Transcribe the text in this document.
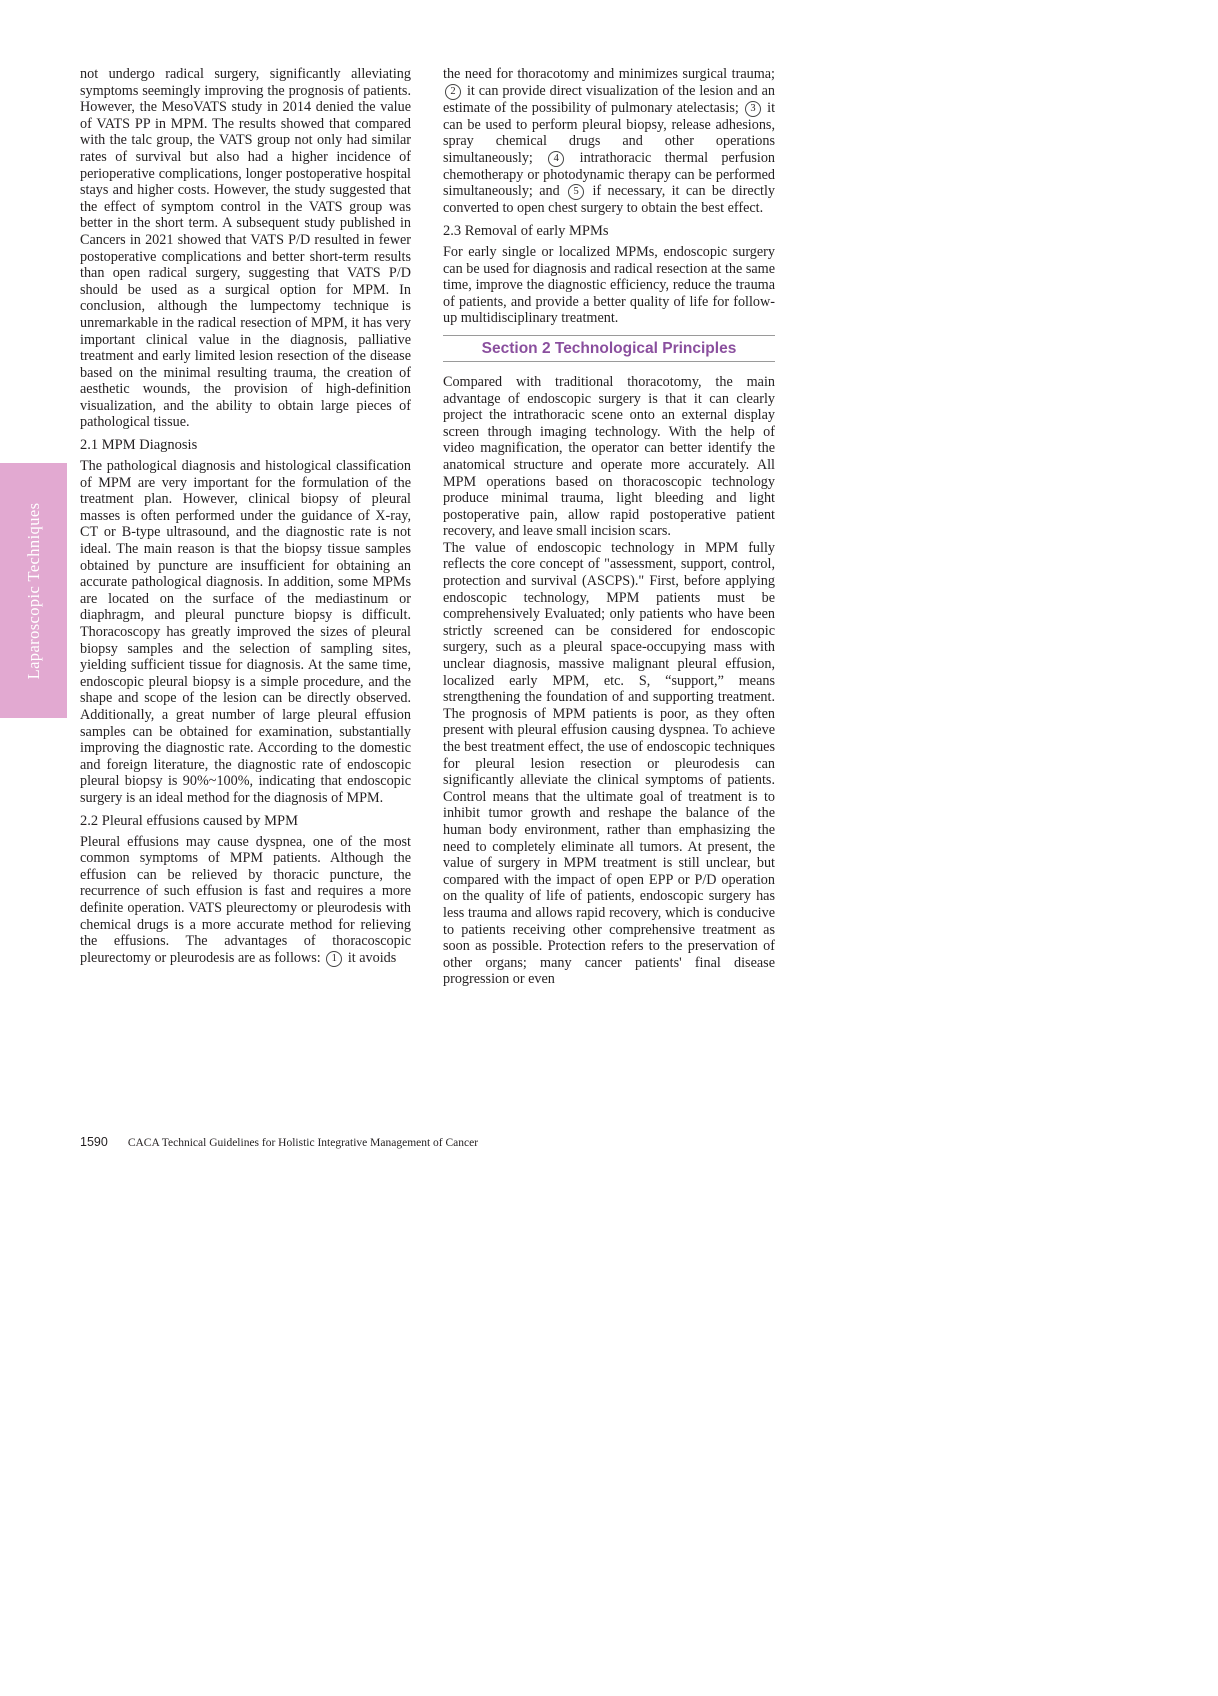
Laparoscopic Techniques

not undergo radical surgery, significantly alleviating symptoms seemingly improving the prognosis of patients. However, the MesoVATS study in 2014 denied the value of VATS PP in MPM. The results showed that compared with the talc group, the VATS group not only had similar rates of survival but also had a higher incidence of perioperative complications, longer postoperative hospital stays and higher costs. However, the study suggested that the effect of symptom control in the VATS group was better in the short term. A subsequent study published in Cancers in 2021 showed that VATS P/D resulted in fewer postoperative complications and better short-term results than open radical surgery, suggesting that VATS P/D should be used as a surgical option for MPM. In conclusion, although the lumpectomy technique is unremarkable in the radical resection of MPM, it has very important clinical value in the diagnosis, palliative treatment and early limited lesion resection of the disease based on the minimal resulting trauma, the creation of aesthetic wounds, the provision of high-definition visualization, and the ability to obtain large pieces of pathological tissue.

2.1 MPM Diagnosis

The pathological diagnosis and histological classification of MPM are very important for the formulation of the treatment plan. However, clinical biopsy of pleural masses is often performed under the guidance of X-ray, CT or B-type ultrasound, and the diagnostic rate is not ideal. The main reason is that the biopsy tissue samples obtained by puncture are insufficient for obtaining an accurate pathological diagnosis. In addition, some MPMs are located on the surface of the mediastinum or diaphragm, and pleural puncture biopsy is difficult. Thoracoscopy has greatly improved the sizes of pleural biopsy samples and the selection of sampling sites, yielding sufficient tissue for diagnosis. At the same time, endoscopic pleural biopsy is a simple procedure, and the shape and scope of the lesion can be directly observed. Additionally, a great number of large pleural effusion samples can be obtained for examination, substantially improving the diagnostic rate. According to the domestic and foreign literature, the diagnostic rate of endoscopic pleural biopsy is 90%~100%, indicating that endoscopic surgery is an ideal method for the diagnosis of MPM.

2.2 Pleural effusions caused by MPM

Pleural effusions may cause dyspnea, one of the most common symptoms of MPM patients. Although the effusion can be relieved by thoracic puncture, the recurrence of such effusion is fast and requires a more definite operation. VATS pleurectomy or pleurodesis with chemical drugs is a more accurate method for relieving the effusions. The advantages of thoracoscopic pleurectomy or pleurodesis are as follows: 1 it avoids

the need for thoracotomy and minimizes surgical trauma; 2 it can provide direct visualization of the lesion and an estimate of the possibility of pulmonary atelectasis; 3 it can be used to perform pleural biopsy, release adhesions, spray chemical drugs and other operations simultaneously; 4 intrathoracic thermal perfusion chemotherapy or photodynamic therapy can be performed simultaneously; and 5 if necessary, it can be directly converted to open chest surgery to obtain the best effect.

2.3 Removal of early MPMs

For early single or localized MPMs, endoscopic surgery can be used for diagnosis and radical resection at the same time, improve the diagnostic efficiency, reduce the trauma of patients, and provide a better quality of life for follow-up multidisciplinary treatment.

Section 2 Technological Principles

Compared with traditional thoracotomy, the main advantage of endoscopic surgery is that it can clearly project the intrathoracic scene onto an external display screen through imaging technology. With the help of video magnification, the operator can better identify the anatomical structure and operate more accurately. All MPM operations based on thoracoscopic technology produce minimal trauma, light bleeding and light postoperative pain, allow rapid postoperative patient recovery, and leave small incision scars.

The value of endoscopic technology in MPM fully reflects the core concept of "assessment, support, control, protection and survival (ASCPS)." First, before applying endoscopic technology, MPM patients must be comprehensively Evaluated; only patients who have been strictly screened can be considered for endoscopic surgery, such as a pleural space-occupying mass with unclear diagnosis, massive malignant pleural effusion, localized early MPM, etc. S, “support,” means strengthening the foundation of and supporting treatment. The prognosis of MPM patients is poor, as they often present with pleural effusion causing dyspnea. To achieve the best treatment effect, the use of endoscopic techniques for pleural lesion resection or pleurodesis can significantly alleviate the clinical symptoms of patients. Control means that the ultimate goal of treatment is to inhibit tumor growth and reshape the balance of the human body environment, rather than emphasizing the need to completely eliminate all tumors. At present, the value of surgery in MPM treatment is still unclear, but compared with the impact of open EPP or P/D operation on the quality of life of patients, endoscopic surgery has less trauma and allows rapid recovery, which is conducive to patients receiving other comprehensive treatment as soon as possible. Protection refers to the preservation of other organs; many cancer patients' final disease progression or even

1590 CACA Technical Guidelines for Holistic Integrative Management of Cancer
